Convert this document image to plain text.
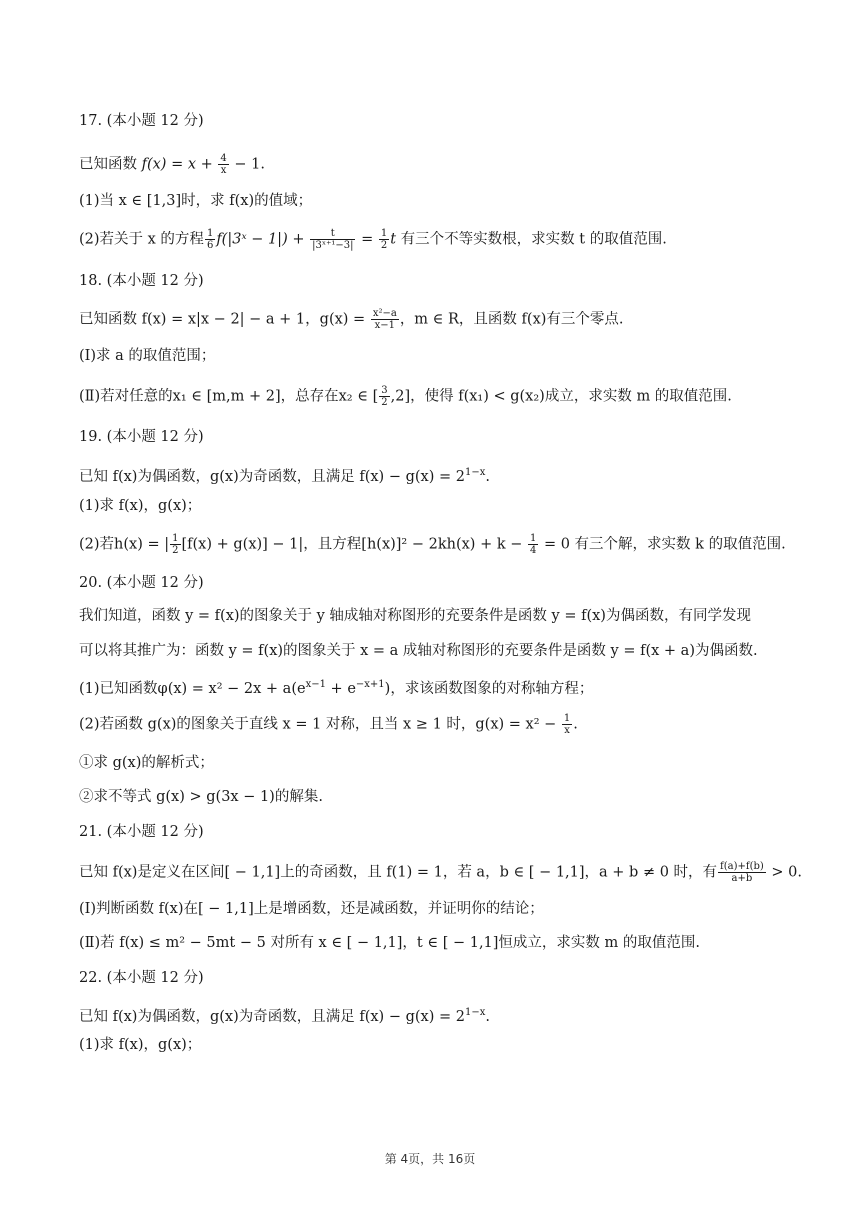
17. (本小题 12 分)
已知函数 $f(x) = x + \frac{4}{x} - 1$.
(1)当 x ∈ [1,3]时，求 f(x)的值域；
(2)若关于 x 的方程 $\frac{1}{6}$ f(|3ˣ − $1|) + \frac{t}{\text{|3ˣ⁺¹−3|}} = \frac{1}{2}$ t 有三个不等实数根，求实数 t 的取值范围.
18. (本小题 12 分)
已知函数 f(x) = x|x − 2| − a + 1，$g(x) = \frac{\text{x²−a}}{x-1}$ ，m ∈ R，且函数 f(x)有三个零点.
(Ⅰ)求 a 的取值范围；
(Ⅱ)若对任意的x₁ ∈ [m,m + 2]，总存在x₂ ∈ [ $\frac{3}{2} ,2$]，使得 f(x₁) < g(x₂)成立，求实数 m 的取值范围.
19. (本小题 12 分)
已知 f(x)为偶函数，g(x)为奇函数，且满足 $f(x) - g(x) = 2^{1-x}$.
(1)求 f(x)，g(x)；
(2)若h(x) = | $\frac{1}{2} [f(x) + g(x)] - 1|$，且方程$[h(x)]^2 - 2kh(x) + k - \frac{1}{4} = 0$ 有三个解，求实数 k 的取值范围.
20. (本小题 12 分)
我们知道，函数 y = f(x)的图象关于 y 轴成轴对称图形的充要条件是函数 y = f(x)为偶函数，有同学发现
可以将其推广为：函数 y = f(x)的图象关于 x = a 成轴对称图形的充要条件是函数 y = f(x + a)为偶函数.
(1)已知函数$\varphi(x) = x^2 - 2x + a(e^{x-1} + e^{-x+1})$，求该函数图象的对称轴方程；
(2)若函数 g(x)的图象关于直线 x = 1 对称，且当 x ≥ 1 时，$g(x) = x^2 - \frac{1}{x}$ .
①求 g(x)的解析式；
②求不等式 g(x) > g(3x − 1)的解集.
21. (本小题 12 分)
已知 f(x)是定义在区间[ − 1,1]上的奇函数，且 f(1) = 1，若 a，b ∈ [ − 1,1]，a + b ≠ 0 时，有 $\frac{f(a)+f(b)}{a+b} > 0$.
(Ⅰ)判断函数 f(x)在[ − 1,1]上是增函数，还是减函数，并证明你的结论；
(Ⅱ)若 f(x) ≤ m² − 5mt − 5 对所有 x ∈ [ − 1,1]，t ∈ [ − 1,1]恒成立，求实数 m 的取值范围.
22. (本小题 12 分)
已知 f(x)为偶函数，g(x)为奇函数，且满足 $f(x) - g(x) = 2^{1-x}$.
(1)求 f(x)，g(x)；
第 4页，共 16页
